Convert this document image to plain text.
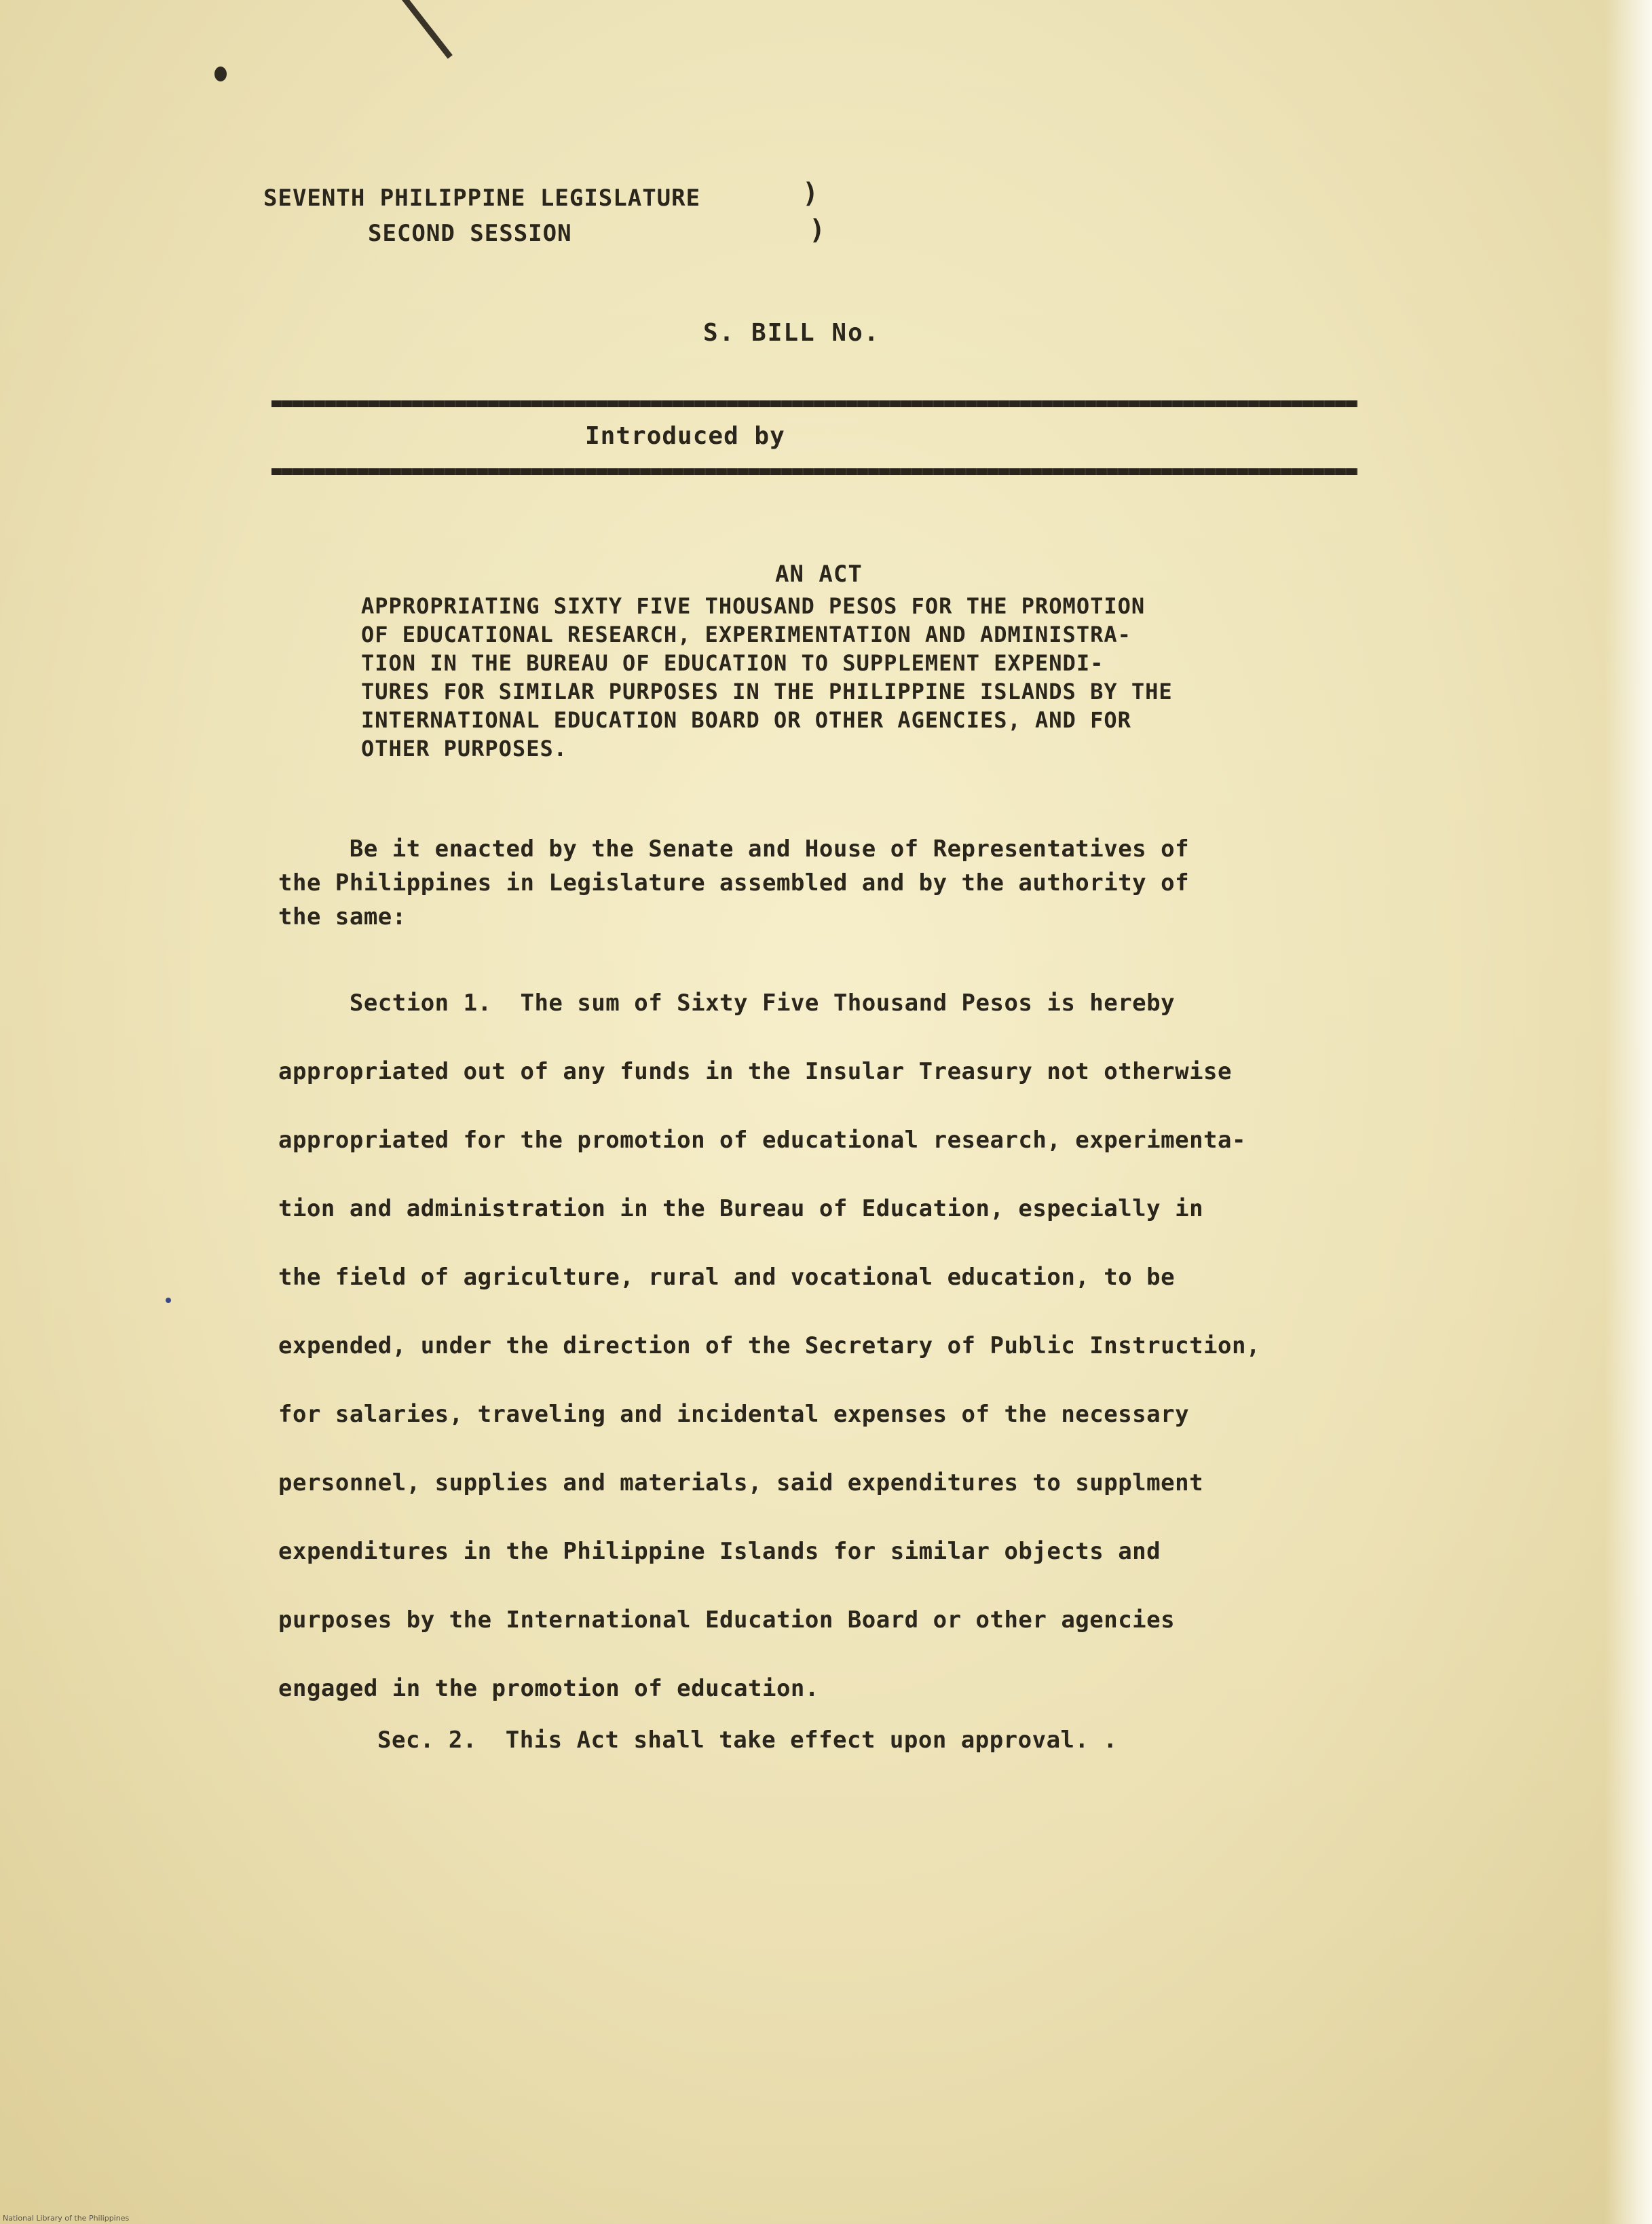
SEVENTH PHILIPPINE LEGISLATURE
SECOND SESSION
)
)
S. BILL No.
Introduced by
AN ACT
APPROPRIATING SIXTY FIVE THOUSAND PESOS FOR THE PROMOTION
OF EDUCATIONAL RESEARCH, EXPERIMENTATION AND ADMINISTRA-
TION IN THE BUREAU OF EDUCATION TO SUPPLEMENT EXPENDI-
TURES FOR SIMILAR PURPOSES IN THE PHILIPPINE ISLANDS BY THE
INTERNATIONAL EDUCATION BOARD OR OTHER AGENCIES, AND FOR
OTHER PURPOSES.
Be it enacted by the Senate and House of Representatives of
the Philippines in Legislature assembled and by the authority of
the same:
Section 1.  The sum of Sixty Five Thousand Pesos is hereby
appropriated out of any funds in the Insular Treasury not otherwise
appropriated for the promotion of educational research, experimenta-
tion and administration in the Bureau of Education, especially in
the field of agriculture, rural and vocational education, to be
expended, under the direction of the Secretary of Public Instruction,
for salaries, traveling and incidental expenses of the necessary
personnel, supplies and materials, said expenditures to supplment
expenditures in the Philippine Islands for similar objects and
purposes by the International Education Board or other agencies
engaged in the promotion of education.
Sec. 2.  This Act shall take effect upon approval. .
National Library of the Philippines
